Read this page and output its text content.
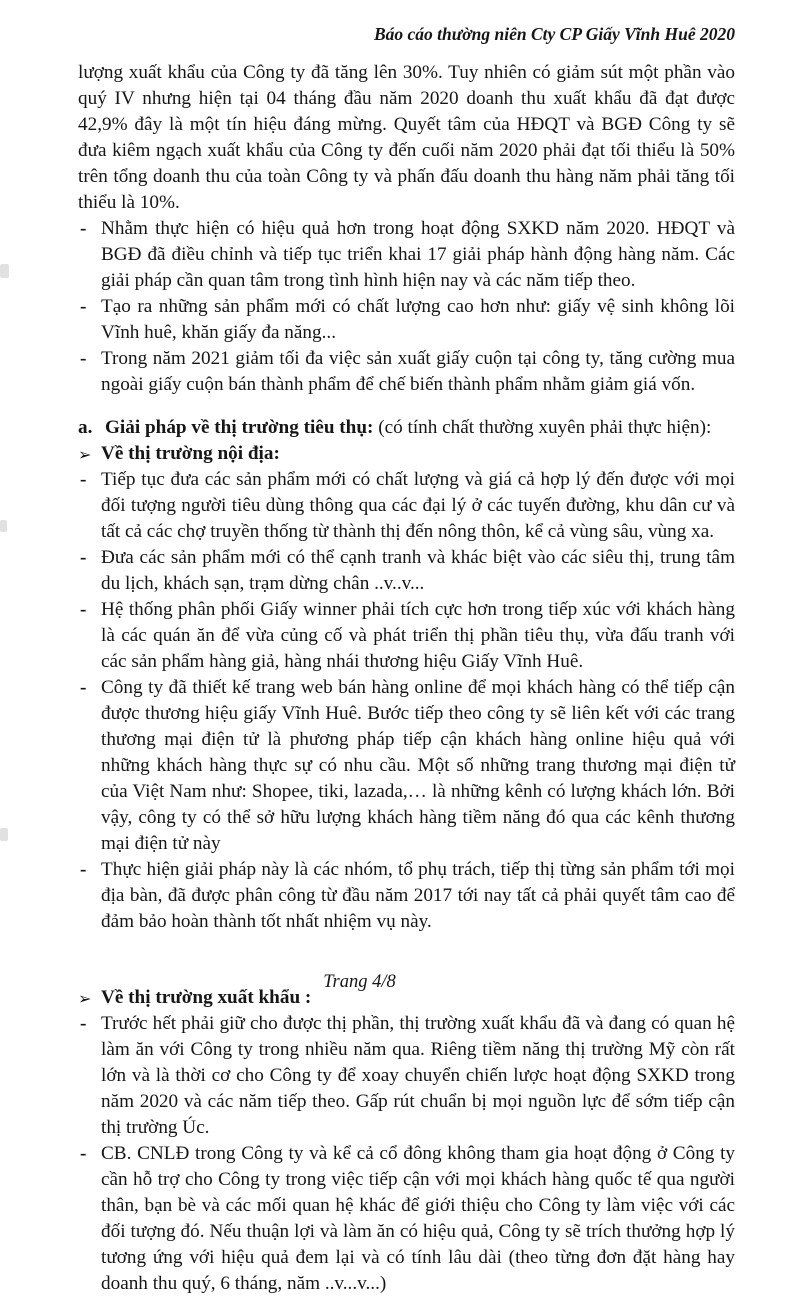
Báo cáo thường niên Cty CP Giấy Vĩnh Huê 2020
lượng xuất khẩu của Công ty đã tăng lên 30%. Tuy nhiên có giảm sút một phần vào quý IV nhưng hiện tại 04 tháng đầu năm 2020 doanh thu xuất khẩu đã đạt được 42,9% đây là một tín hiệu đáng mừng. Quyết tâm của HĐQT và BGĐ Công ty sẽ đưa kiêm ngạch xuất khẩu của Công ty đến cuối năm 2020 phải đạt tối thiểu là 50% trên tổng doanh thu của toàn Công ty và phấn đấu doanh thu hàng năm phải tăng tối thiểu là 10%.
- Nhằm thực hiện có hiệu quả hơn trong hoạt động SXKD năm 2020. HĐQT và BGĐ đã điều chỉnh và tiếp tục triển khai 17 giải pháp hành động hàng năm. Các giải pháp cần quan tâm trong tình hình hiện nay và các năm tiếp theo.
- Tạo ra những sản phẩm mới có chất lượng cao hơn như: giấy vệ sinh không lõi Vĩnh huê, khăn giấy đa năng...
- Trong năm 2021 giảm tối đa việc sản xuất giấy cuộn tại công ty, tăng cường mua ngoài giấy cuộn bán thành phẩm để chế biến thành phẩm nhằm giảm giá vốn.
a. Giải pháp về thị trường tiêu thụ: (có tính chất thường xuyên phải thực hiện):
➢ Về thị trường nội địa:
- Tiếp tục đưa các sản phẩm mới có chất lượng và giá cả hợp lý đến được với mọi đối tượng người tiêu dùng thông qua các đại lý ở các tuyến đường, khu dân cư và tất cả các chợ truyền thống từ thành thị đến nông thôn, kể cả vùng sâu, vùng xa.
- Đưa các sản phẩm mới có thể cạnh tranh và khác biệt vào các siêu thị, trung tâm du lịch, khách sạn, trạm dừng chân ..v..v...
- Hệ thống phân phối Giấy winner phải tích cực hơn trong tiếp xúc với khách hàng là các quán ăn để vừa củng cố và phát triển thị phần tiêu thụ, vừa đấu tranh với các sản phẩm hàng giả, hàng nhái thương hiệu Giấy Vĩnh Huê.
- Công ty đã thiết kế trang web bán hàng online để mọi khách hàng có thể tiếp cận được thương hiệu giấy Vĩnh Huê. Bước tiếp theo công ty sẽ liên kết với các trang thương mại điện tử là phương pháp tiếp cận khách hàng online hiệu quả với những khách hàng thực sự có nhu cầu. Một số những trang thương mại điện tử của Việt Nam như: Shopee, tiki, lazada,… là những kênh có lượng khách lớn. Bởi vậy, công ty có thể sở hữu lượng khách hàng tiềm năng đó qua các kênh thương mại điện tử này
- Thực hiện giải pháp này là các nhóm, tổ phụ trách, tiếp thị từng sản phẩm tới mọi địa bàn, đã được phân công từ đầu năm 2017 tới nay tất cả phải quyết tâm cao để đảm bảo hoàn thành tốt nhất nhiệm vụ này.
➢ Về thị trường xuất khẩu :
- Trước hết phải giữ cho được thị phần, thị trường xuất khẩu đã và đang có quan hệ làm ăn với Công ty trong nhiều năm qua. Riêng tiềm năng thị trường Mỹ còn rất lớn và là thời cơ cho Công ty để xoay chuyển chiến lược hoạt động SXKD trong năm 2020 và các năm tiếp theo. Gấp rút chuẩn bị mọi nguồn lực để sớm tiếp cận thị trường Úc.
- CB. CNLĐ trong Công ty và kể cả cổ đông không tham gia hoạt động ở Công ty cần hỗ trợ cho Công ty trong việc tiếp cận với mọi khách hàng quốc tế qua người thân, bạn bè và các mối quan hệ khác để giới thiệu cho Công ty làm việc với các đối tượng đó. Nếu thuận lợi và làm ăn có hiệu quả, Công ty sẽ trích thưởng hợp lý tương ứng với hiệu quả đem lại và có tính lâu dài (theo từng đơn đặt hàng hay doanh thu quý, 6 tháng, năm ..v...v...)
Trang 4/8
